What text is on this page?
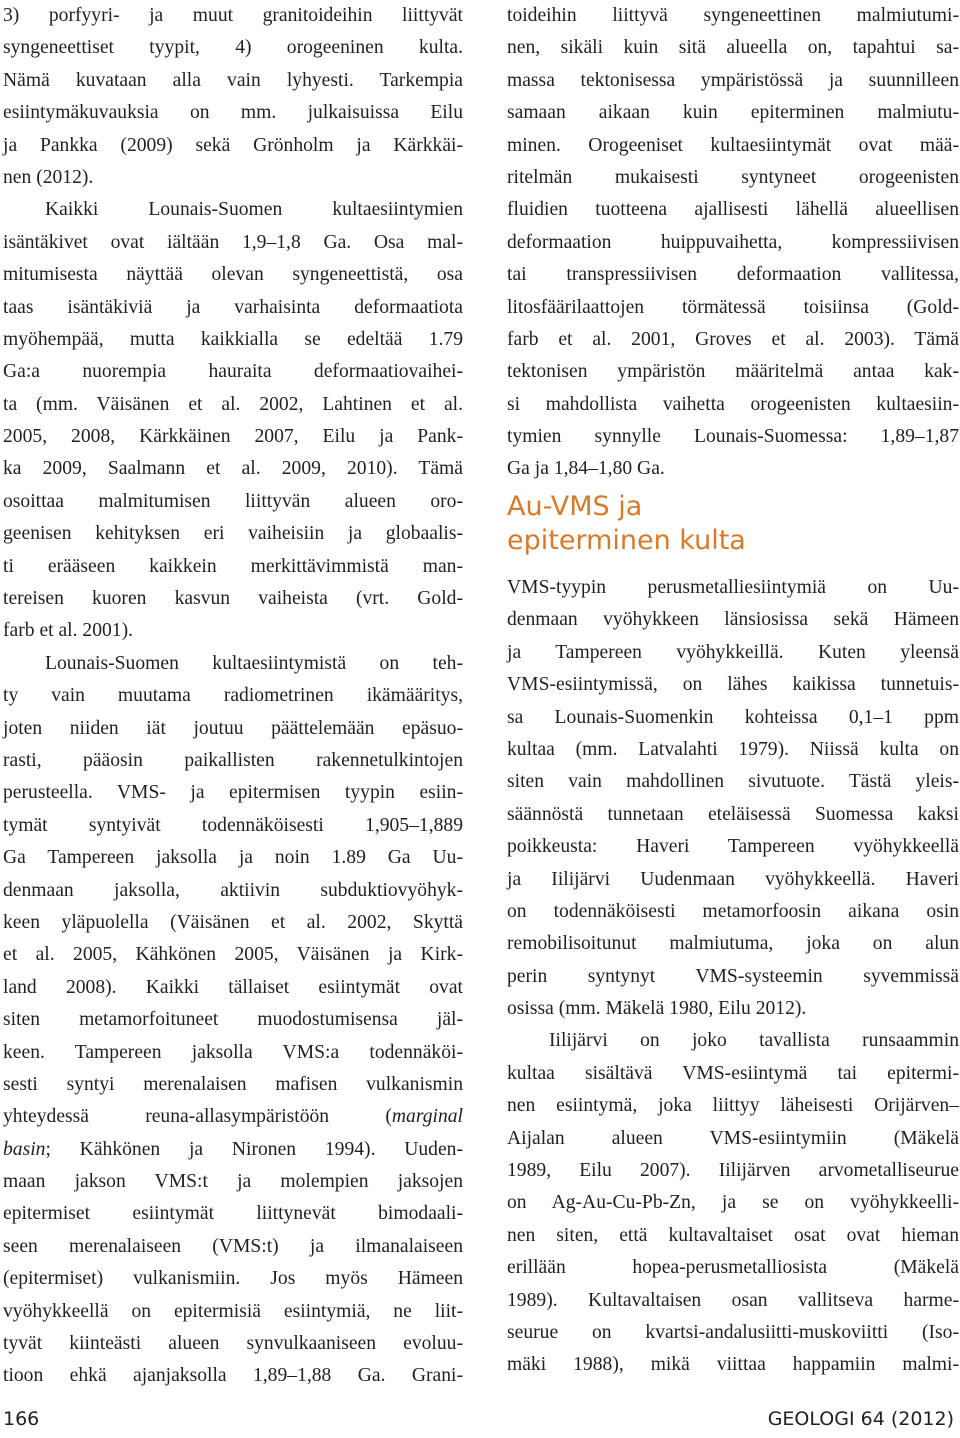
3) porfyyri- ja muut granitoideihin liittyvät
syngeneettiset tyypit, 4) orogeeninen kulta.
Nämä kuvataan alla vain lyhyesti. Tarkempia
esiintymäkuvauksia on mm. julkaisuissa Eilu
ja Pankka (2009) sekä Grönholm ja Kärkkäi-
nen (2012).
Kaikki Lounais-Suomen kultaesiintymien
isäntäkivet ovat iältään 1,9–1,8 Ga. Osa mal-
mitumisesta näyttää olevan syngeneettistä, osa
taas isäntäkiviä ja varhaisinta deformaatiota
myöhempää, mutta kaikkialla se edeltää 1.79
Ga:a nuorempia hauraita deformaatiovaihei-
ta (mm. Väisänen et al. 2002, Lahtinen et al.
2005, 2008, Kärkkäinen 2007, Eilu ja Pank-
ka 2009, Saalmann et al. 2009, 2010). Tämä
osoittaa malmitumisen liittyvän alueen oro-
geenisen kehityksen eri vaiheisiin ja globaalis-
ti erääseen kaikkein merkittävimmistä man-
tereisen kuoren kasvun vaiheista (vrt. Gold-
farb et al. 2001).
Lounais-Suomen kultaesiintymistä on teh-
ty vain muutama radiometrinen ikämääritys,
joten niiden iät joutuu päättelemään epäsuo-
rasti, pääosin paikallisten rakennetulkintojen
perusteella. VMS- ja epitermisen tyypin esiin-
tymät syntyivät todennäköisesti 1,905–1,889
Ga Tampereen jaksolla ja noin 1.89 Ga Uu-
denmaan jaksolla, aktiivin subduktiovyöhyk-
keen yläpuolella (Väisänen et al. 2002, Skyttä
et al. 2005, Kähkönen 2005, Väisänen ja Kirk-
land 2008). Kaikki tällaiset esiintymät ovat
siten metamorfoituneet muodostumisensa jäl-
keen. Tampereen jaksolla VMS:a todennäköi-
sesti syntyi merenalaisen mafisen vulkanismin
yhteydessä reuna-allasympäristöön (marginal
basin; Kähkönen ja Nironen 1994). Uuden-
maan jakson VMS:t ja molempien jaksojen
epitermiset esiintymät liittynevät bimodaali-
seen merenalaiseen (VMS:t) ja ilmanalaiseen
(epitermiset) vulkanismiin. Jos myös Hämeen
vyöhykkeellä on epitermisiä esiintymiä, ne liit-
tyvät kiinteästi alueen synvulkaaniseen evoluu-
tioon ehkä ajanjaksolla 1,89–1,88 Ga. Grani-
toideihin liittyvä syngeneettinen malmiutumi-
nen, sikäli kuin sitä alueella on, tapahtui sa-
massa tektonisessa ympäristössä ja suunnilleen
samaan aikaan kuin epiterminen malmiutu-
minen. Orogeeniset kultaesiintymät ovat mää-
ritelmän mukaisesti syntyneet orogeenisten
fluidien tuotteena ajallisesti lähellä alueellisen
deformaation huippuvaihetta, kompressiivisen
tai transpressiivisen deformaation vallitessa,
litosfäärilaattojen törmätessä toisiinsa (Gold-
farb et al. 2001, Groves et al. 2003). Tämä
tektonisen ympäristön määritelmä antaa kak-
si mahdollista vaihetta orogeenisten kultaesiin-
tymien synnylle Lounais-Suomessa: 1,89–1,87
Ga ja 1,84–1,80 Ga.
Au-VMS ja
epiterminen kulta
VMS-tyypin perusmetalliesiintymiä on Uu-
denmaan vyöhykkeen länsiosissa sekä Hämeen
ja Tampereen vyöhykkeillä. Kuten yleensä
VMS-esiintymissä, on lähes kaikissa tunnetuis-
sa Lounais-Suomenkin kohteissa 0,1–1 ppm
kultaa (mm. Latvalahti 1979). Niissä kulta on
siten vain mahdollinen sivutuote. Tästä yleis-
säännöstä tunnetaan eteläisessä Suomessa kaksi
poikkeusta: Haveri Tampereen vyöhykkeellä
ja Iilijärvi Uudenmaan vyöhykkeellä. Haveri
on todennäköisesti metamorfoosin aikana osin
remobilisoitunut malmiutuma, joka on alun
perin syntynyt VMS-systeemin syvemmissä
osissa (mm. Mäkelä 1980, Eilu 2012).
Iilijärvi on joko tavallista runsaammin
kultaa sisältävä VMS-esiintymä tai epitermi-
nen esiintymä, joka liittyy läheisesti Orijärven–
Aijalan alueen VMS-esiintymiin (Mäkelä
1989, Eilu 2007). Iilijärven arvometalliseurue
on Ag-Au-Cu-Pb-Zn, ja se on vyöhykkeelli-
nen siten, että kultavaltaiset osat ovat hieman
erillään hopea-perusmetalliosista (Mäkelä
1989). Kultavaltaisen osan vallitseva harme-
seurue on kvartsi-andalusiitti-muskoviitti (Iso-
mäki 1988), mikä viittaa happamiin malmi-
166	GEOLOGI 64 (2012)
